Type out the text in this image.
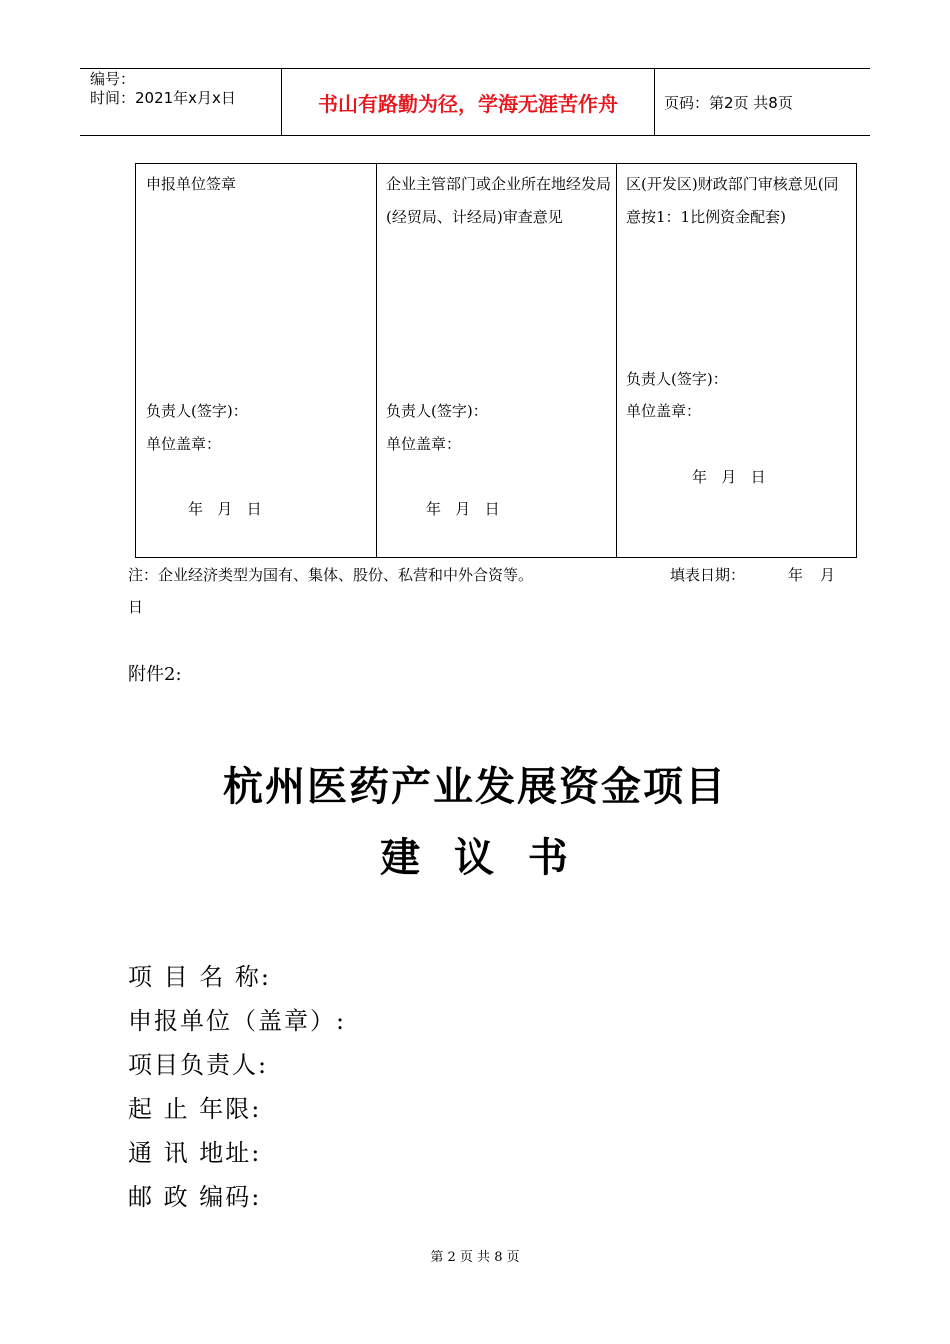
编号：
时间：2021年x月x日	书山有路勤为径，学海无涯苦作舟	页码：第2页 共8页
申报单位签章
负责人(签字)：
单位盖章：
年   月   日
企业主管部门或企业所在地经发局(经贸局、计经局)审查意见
负责人(签字)：
单位盖章：
年   月   日
区(开发区)财政部门审核意见(同意按1：1比例资金配套)
负责人(签字)：
单位盖章：
年   月   日
注：企业经济类型为国有、集体、股份、私营和中外合资等。	填表日期：	年 月
日
附件2:
杭州医药产业发展资金项目
建  议  书
项 目 名 称:
申报单位（盖章）:
项目负责人:
起 止 年限:
通 讯 地址:
邮 政 编码:
第 2 页 共 8 页
